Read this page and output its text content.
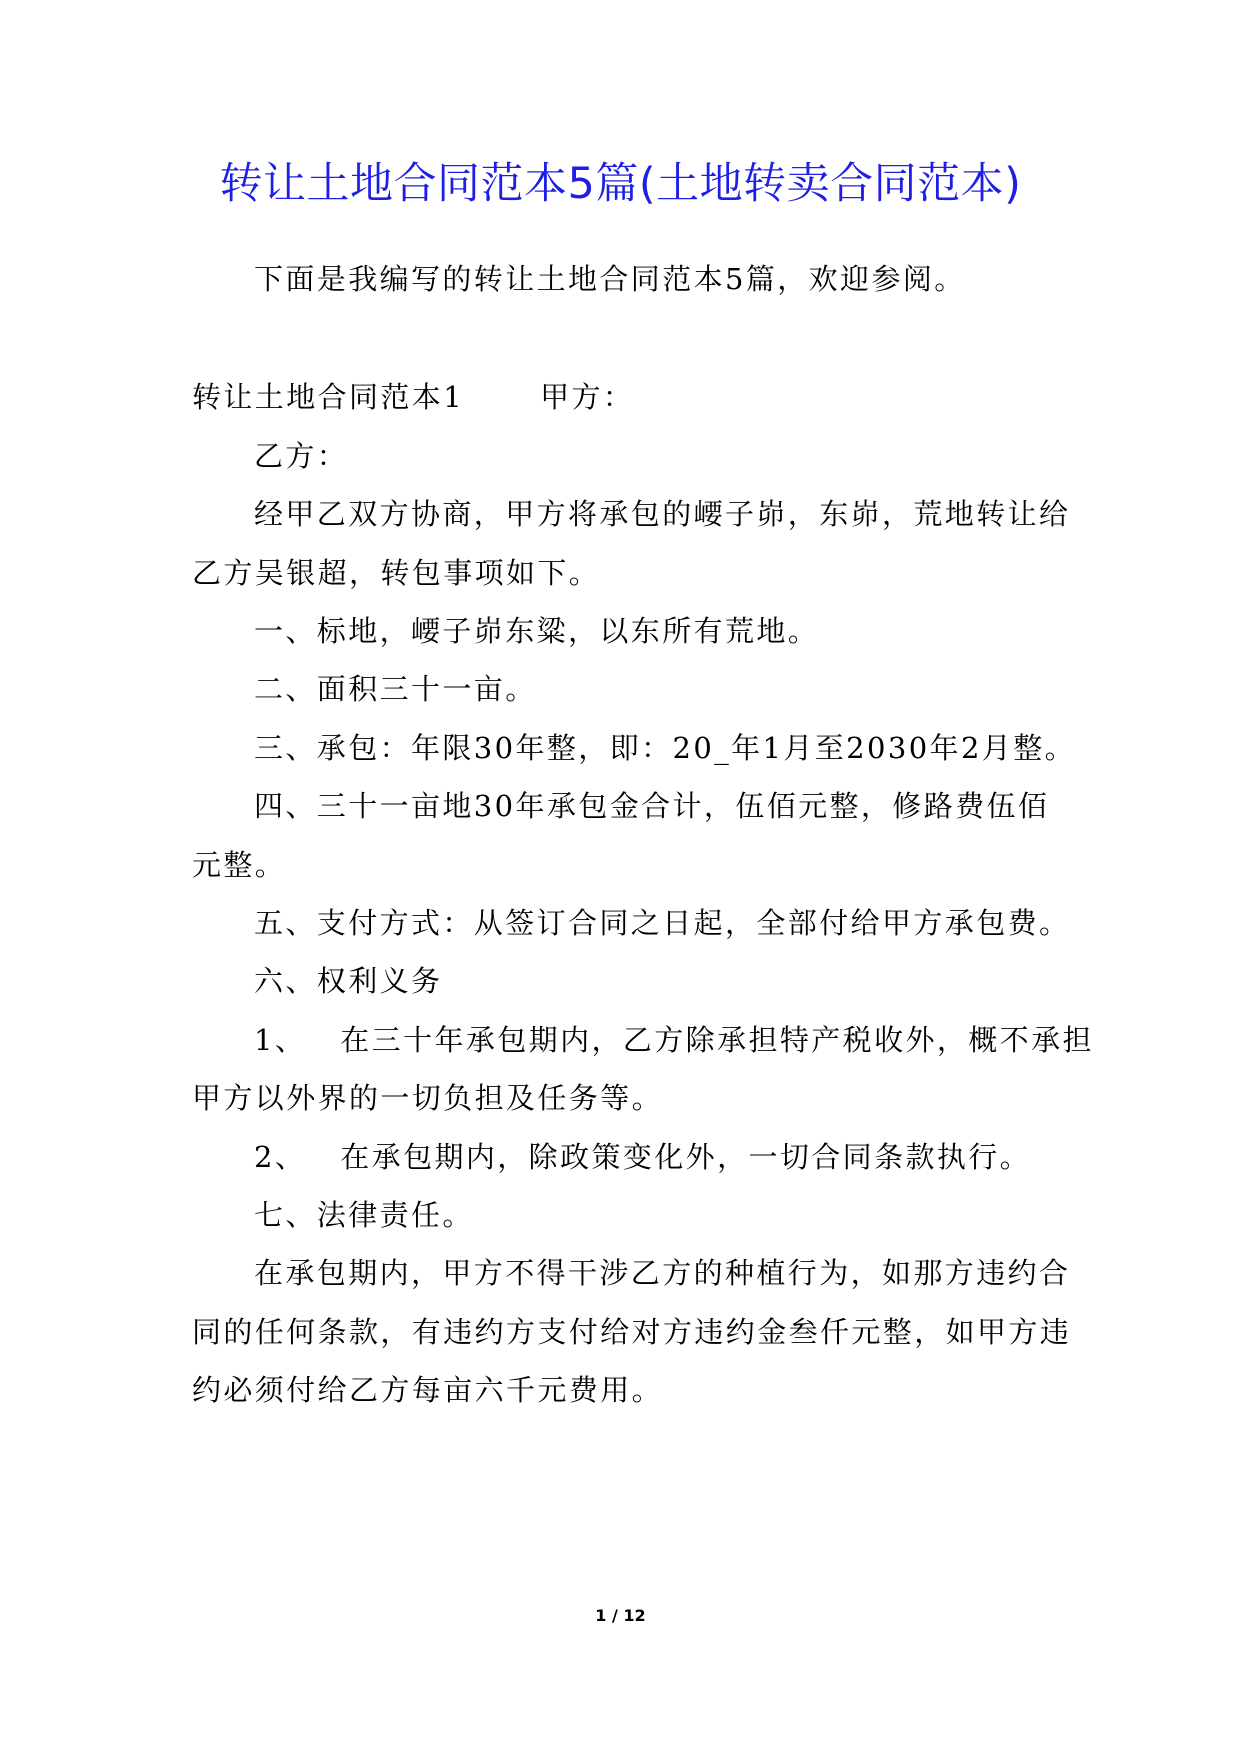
转让土地合同范本5篇(土地转卖合同范本)
下面是我编写的转让土地合同范本5篇，欢迎参阅。
转让土地合同范本1	甲方：
乙方：
经甲乙双方协商，甲方将承包的崾子峁，东峁，荒地转让给
乙方吴银超，转包事项如下。
一、标地，崾子峁东粱，以东所有荒地。
二、面积三十一亩。
三、承包：年限30年整，即：20_年1月至2030年2月整。
四、三十一亩地30年承包金合计，伍佰元整，修路费伍佰
元整。
五、支付方式：从签订合同之日起，全部付给甲方承包费。
六、权利义务
1、 在三十年承包期内，乙方除承担特产税收外，概不承担
甲方以外界的一切负担及任务等。
2、 在承包期内，除政策变化外，一切合同条款执行。
七、法律责任。
在承包期内，甲方不得干涉乙方的种植行为，如那方违约合
同的任何条款，有违约方支付给对方违约金叁仟元整，如甲方违
约必须付给乙方每亩六千元费用。
1 / 12
